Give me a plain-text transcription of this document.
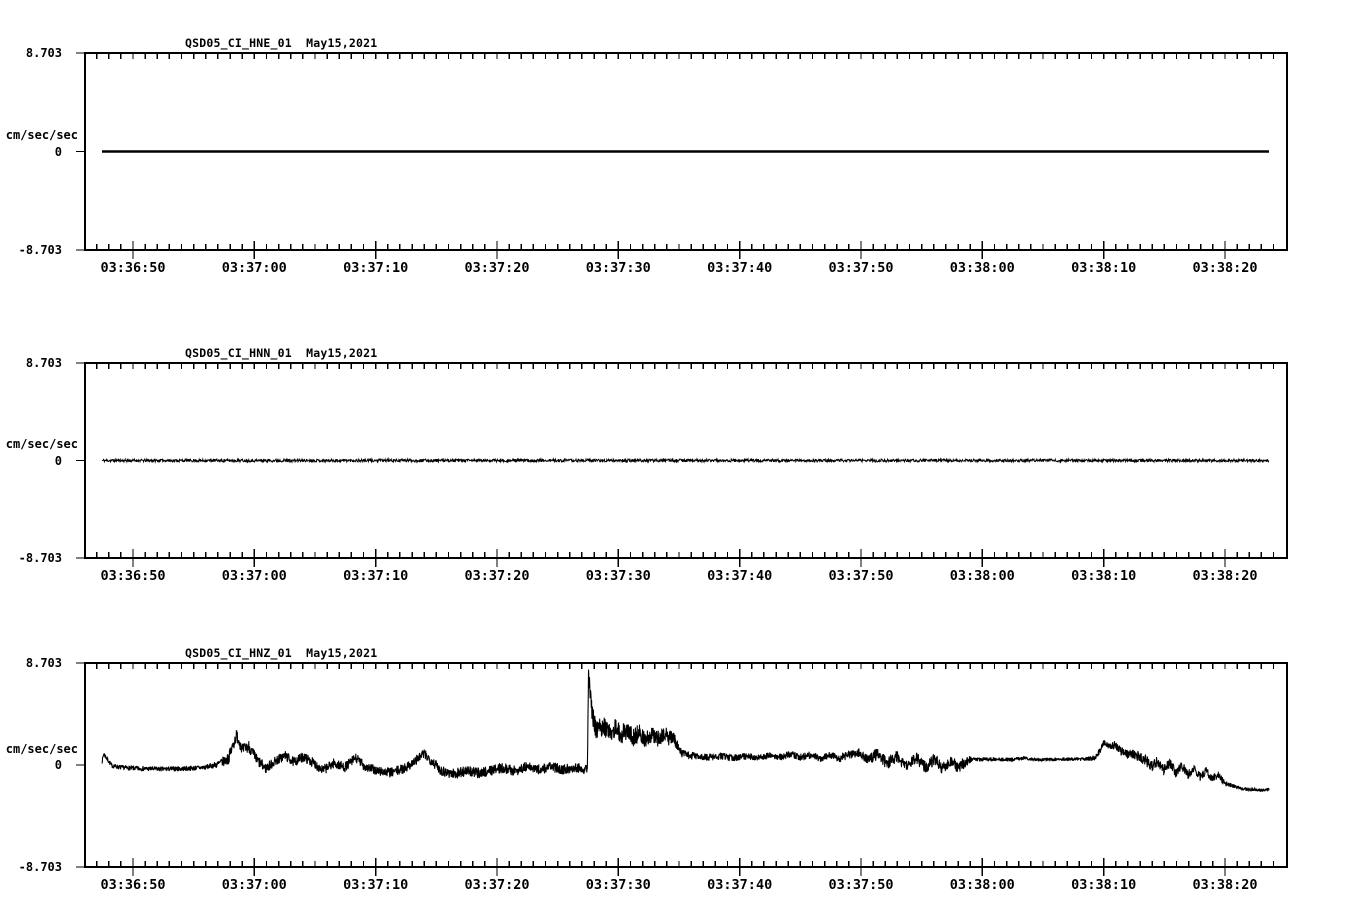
QSD05_CI_HNE_01  May15,2021
8.703
cm/sec/sec
0
-8.703
QSD05_CI_HNN_01  May15,2021
8.703
cm/sec/sec
0
-8.703
QSD05_CI_HNZ_01  May15,2021
8.703
cm/sec/sec
0
-8.703
03:36:50	03:37:00	03:37:10	03:37:20	03:37:30	03:37:40	03:37:50	03:38:00	03:38:10	03:38:20
03:36:50	03:37:00	03:37:10	03:37:20	03:37:30	03:37:40	03:37:50	03:38:00	03:38:10	03:38:20
03:36:50	03:37:00	03:37:10	03:37:20	03:37:30	03:37:40	03:37:50	03:38:00	03:38:10	03:38:20
